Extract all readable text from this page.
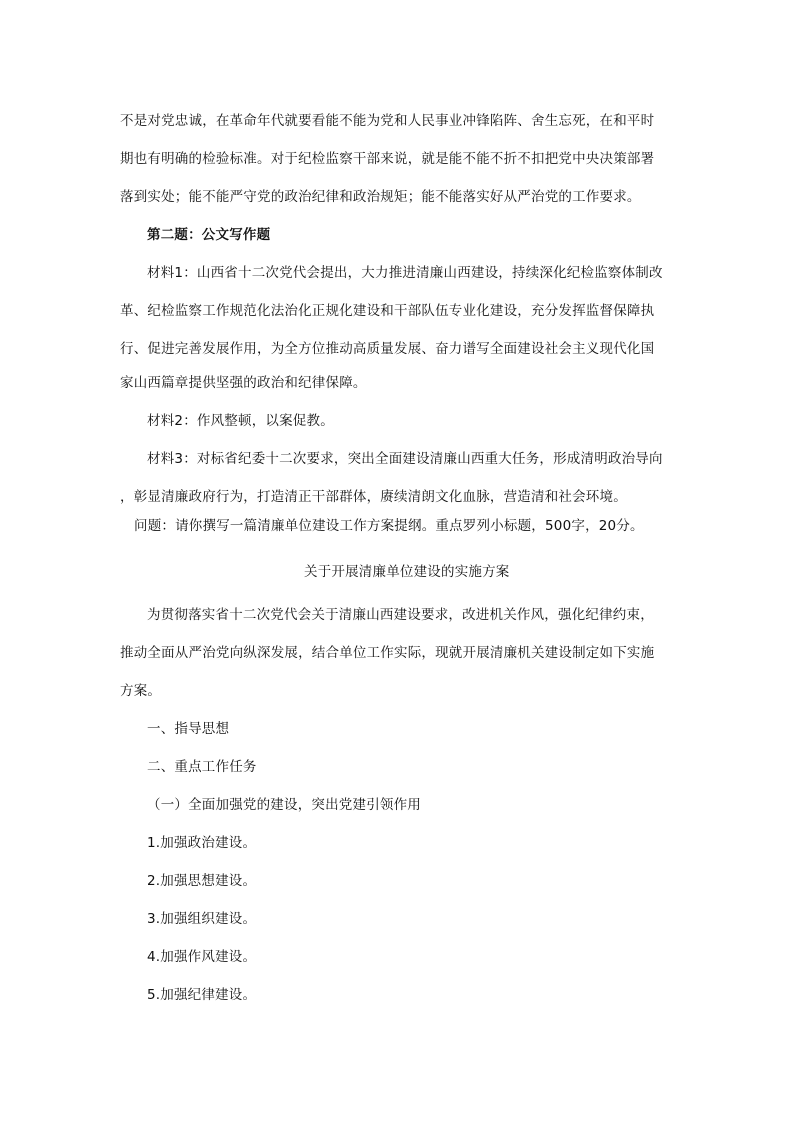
不是对党忠诚，在革命年代就要看能不能为党和人民事业冲锋陷阵、舍生忘死，在和平时
期也有明确的检验标准。对于纪检监察干部来说，就是能不能不折不扣把党中央决策部署
落到实处；能不能严守党的政治纪律和政治规矩；能不能落实好从严治党的工作要求。
第二题：公文写作题
材料1：山西省十二次党代会提出，大力推进清廉山西建设，持续深化纪检监察体制改
革、纪检监察工作规范化法治化正规化建设和干部队伍专业化建设，充分发挥监督保障执
行、促进完善发展作用，为全方位推动高质量发展、奋力谱写全面建设社会主义现代化国
家山西篇章提供坚强的政治和纪律保障。
材料2：作风整顿，以案促教。
材料3：对标省纪委十二次要求，突出全面建设清廉山西重大任务，形成清明政治导向
，彰显清廉政府行为，打造清正干部群体，赓续清朗文化血脉，营造清和社会环境。
问题：请你撰写一篇清廉单位建设工作方案提纲。重点罗列小标题，500字，20分。
关于开展清廉单位建设的实施方案
为贯彻落实省十二次党代会关于清廉山西建设要求，改进机关作风，强化纪律约束，
推动全面从严治党向纵深发展，结合单位工作实际，现就开展清廉机关建设制定如下实施
方案。
一、指导思想
二、重点工作任务
（一）全面加强党的建设，突出党建引领作用
1.加强政治建设。
2.加强思想建设。
3.加强组织建设。
4.加强作风建设。
5.加强纪律建设。
